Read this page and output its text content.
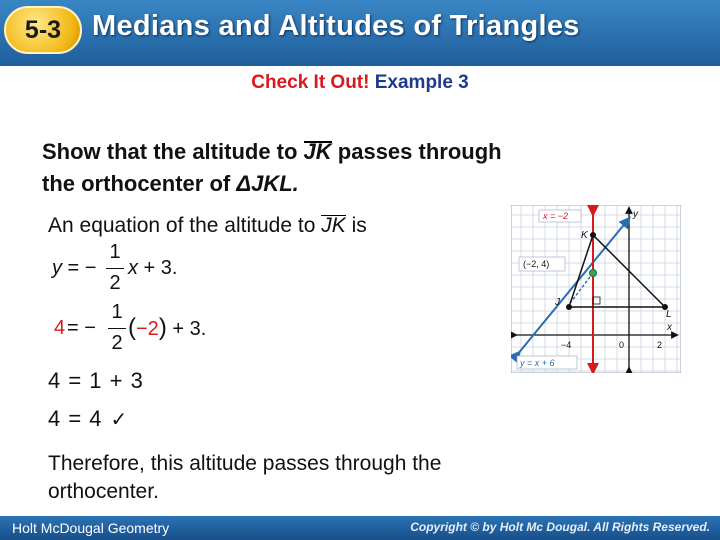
5-3	Medians and Altitudes of Triangles
Check It Out! Example 3
Show that the altitude to JK
passes through
the orthocenter of ΔJKL.
An equation of the altitude to JK
is
y = −
1
2
x + 3.
4 = −
1
2
(−2) + 3.
4 = 1 + 3
4 = 4 ✓
Therefore, this altitude passes through the
orthocenter.
x = −2
y = x + 6
(−2, 4)
K
J
L
y
x
−4	0	2
Holt McDougal Geometry	Copyright © by Holt Mc Dougal. All Rights Reserved.
